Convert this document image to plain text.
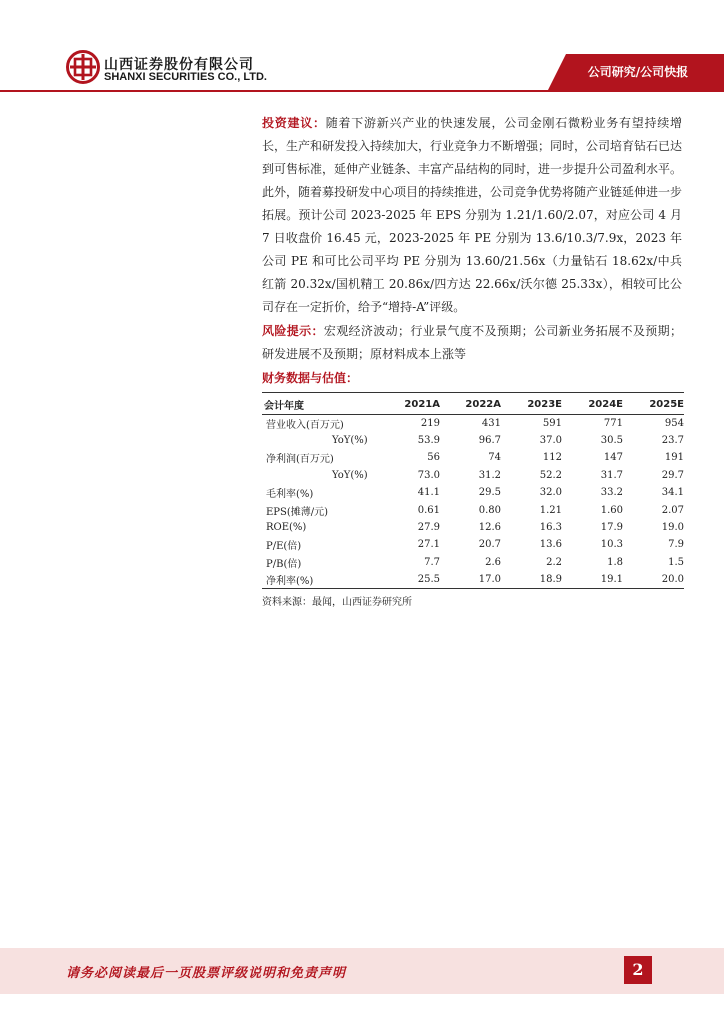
山西证券股份有限公司
SHANXI SECURITIES CO., LTD.	公司研究/公司快报

投资建议：随着下游新兴产业的快速发展，公司金刚石微粉业务有望持续增长，生产和研发投入持续加大，行业竞争力不断增强；同时，公司培育钻石已达到可售标准，延伸产业链条、丰富产品结构的同时，进一步提升公司盈利水平。此外，随着募投研发中心项目的持续推进，公司竞争优势将随产业链延伸进一步拓展。预计公司 2023-2025 年 EPS 分别为 1.21/1.60/2.07，对应公司 4 月 7 日收盘价 16.45 元，2023-2025 年 PE 分别为 13.6/10.3/7.9x，2023 年公司 PE 和可比公司平均 PE 分别为 13.60/21.56x（力量钻石 18.62x/中兵红箭 20.32x/国机精工 20.86x/四方达 22.66x/沃尔德 25.33x），相较可比公司存在一定折价，给予“增持-A”评级。

风险提示：宏观经济波动；行业景气度不及预期；公司新业务拓展不及预期；研发进展不及预期；原材料成本上涨等

财务数据与估值：
会计年度	2021A	2022A	2023E	2024E	2025E
营业收入(百万元)	219	431	591	771	954
YoY(%)	53.9	96.7	37.0	30.5	23.7
净利润(百万元)	56	74	112	147	191
YoY(%)	73.0	31.2	52.2	31.7	29.7
毛利率(%)	41.1	29.5	32.0	33.2	34.1
EPS(摊薄/元)	0.61	0.80	1.21	1.60	2.07
ROE(%)	27.9	12.6	16.3	17.9	19.0
P/E(倍)	27.1	20.7	13.6	10.3	7.9
P/B(倍)	7.7	2.6	2.2	1.8	1.5
净利率(%)	25.5	17.0	18.9	19.1	20.0
资料来源：最闻，山西证券研究所
请务必阅读最后一页股票评级说明和免责声明	2
